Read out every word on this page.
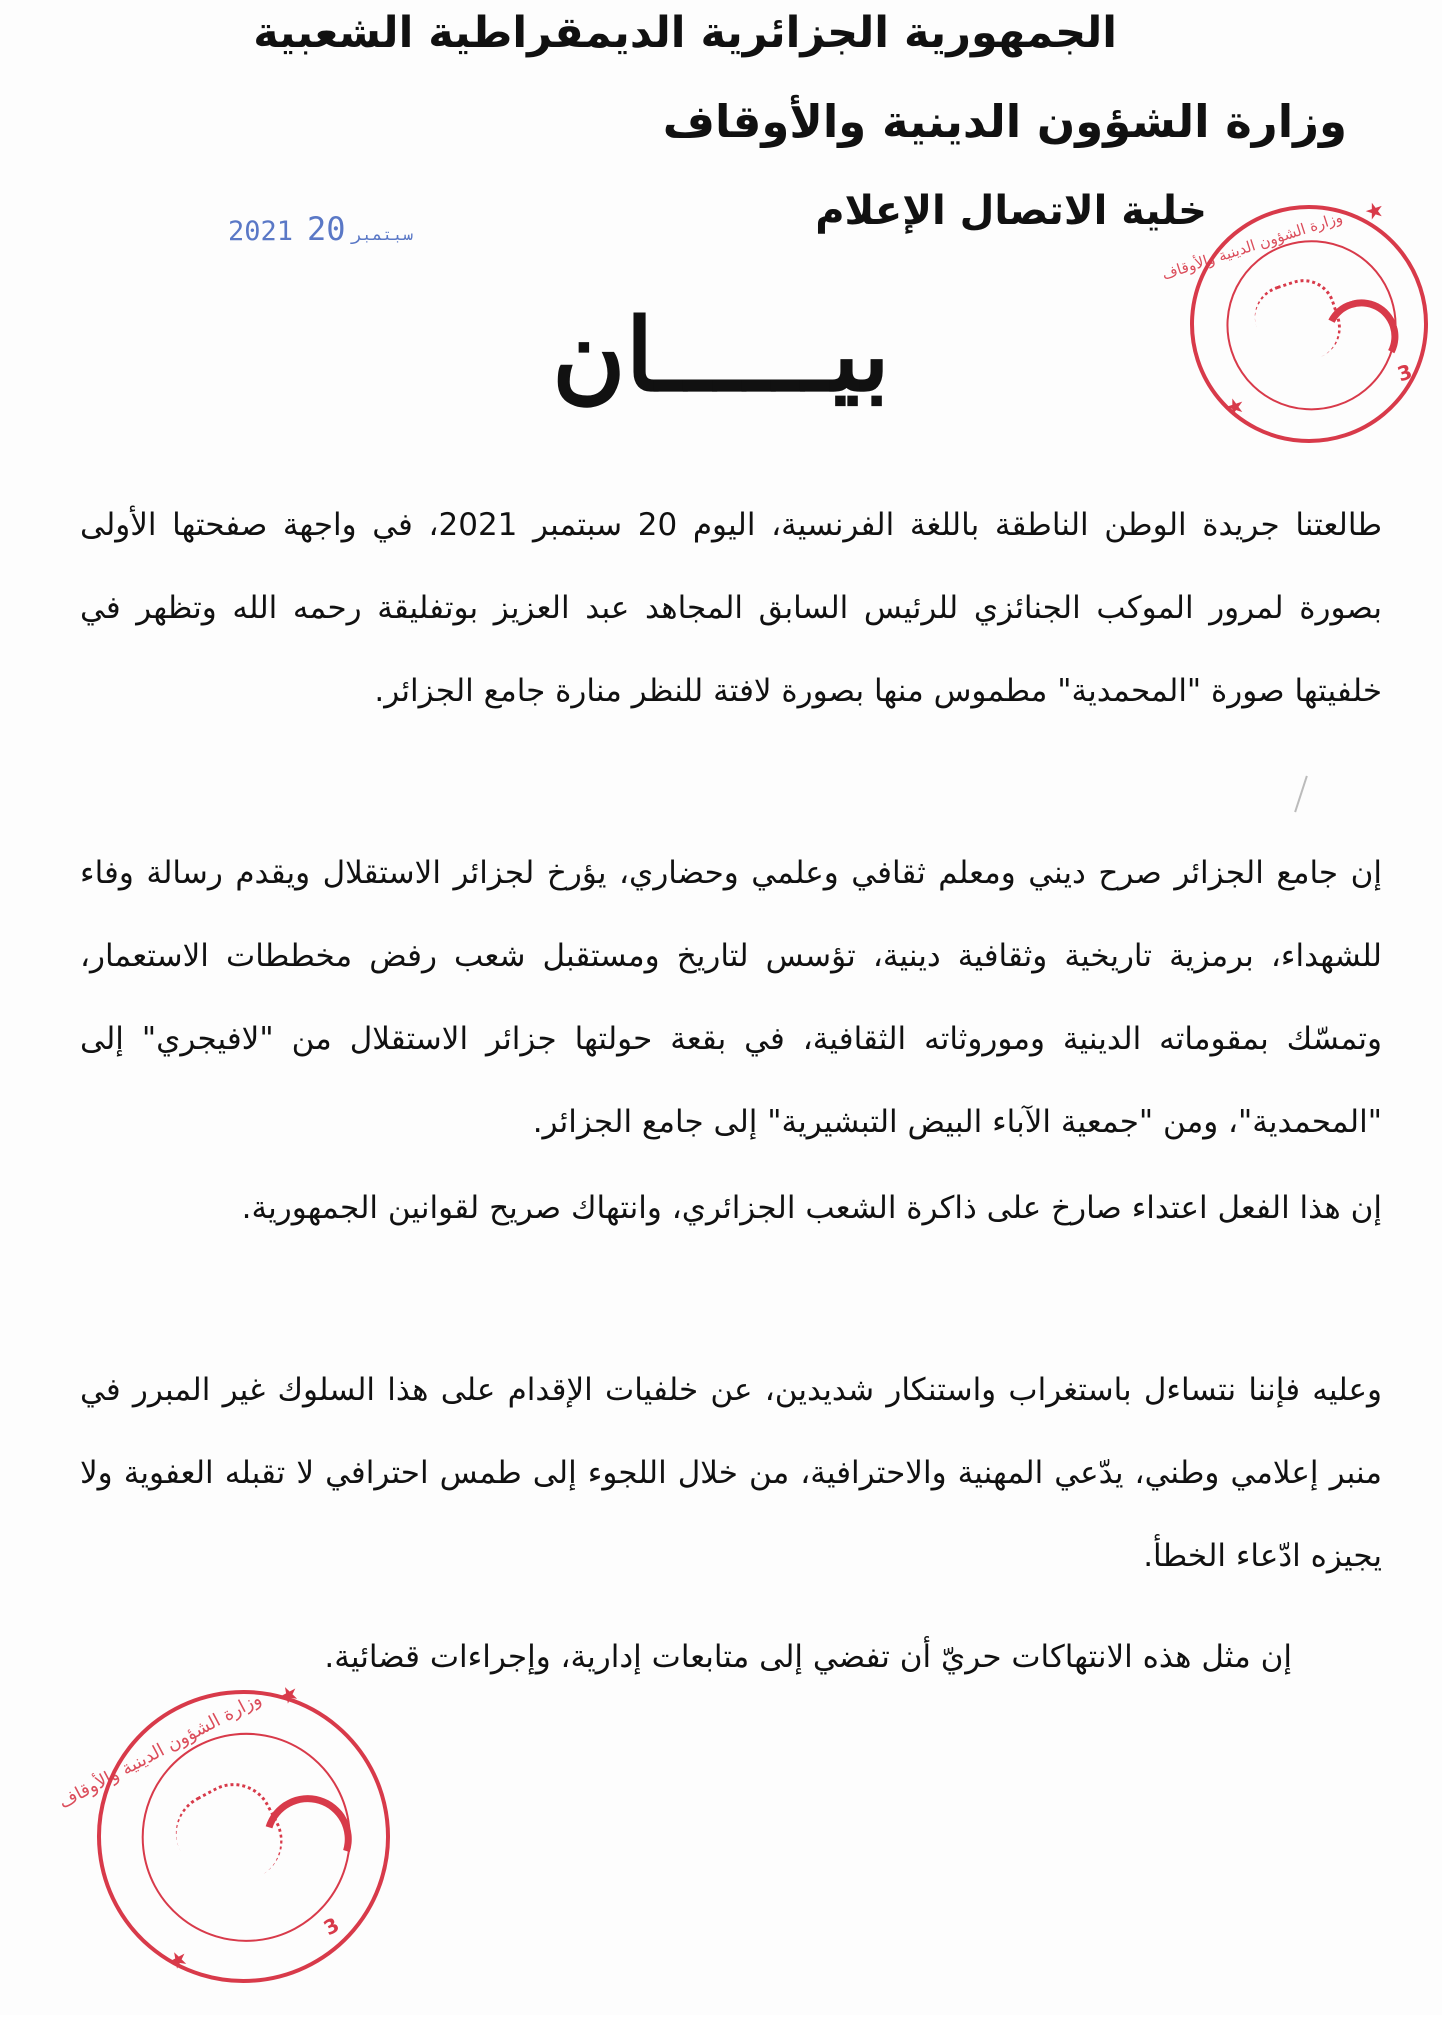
الجمهورية الجزائرية الديمقراطية الشعبية
وزارة الشؤون الدينية والأوقاف
خلية الاتصال الإعلام
2021	سبتمبر20	وزارة الشؤون الدينية والأوقاف ★
★
3
بيــــــان
طالعتنا جريدة الوطن الناطقة باللغة الفرنسية، اليوم 20 سبتمبر 2021، في واجهة صفحتها الأولى بصورة لمرور الموكب الجنائزي للرئيس السابق المجاهد عبد العزيز بوتفليقة رحمه الله وتظهر في خلفيتها صورة "المحمدية" مطموس منها بصورة لافتة للنظر منارة جامع الجزائر.
إن جامع الجزائر صرح ديني ومعلم ثقافي وعلمي وحضاري، يؤرخ لجزائر الاستقلال ويقدم رسالة وفاء للشهداء، برمزية تاريخية وثقافية دينية، تؤسس لتاريخ ومستقبل شعب رفض مخططات الاستعمار، وتمسّك بمقوماته الدينية وموروثاته الثقافية، في بقعة حولتها جزائر الاستقلال من "لافيجري" إلى "المحمدية"، ومن "جمعية الآباء البيض التبشيرية" إلى جامع الجزائر.
إن هذا الفعل اعتداء صارخ على ذاكرة الشعب الجزائري، وانتهاك صريح لقوانين الجمهورية.
وعليه فإننا نتساءل باستغراب واستنكار شديدين، عن خلفيات الإقدام على هذا السلوك غير المبرر في منبر إعلامي وطني، يدّعي المهنية والاحترافية، من خلال اللجوء إلى طمس احترافي لا تقبله العفوية ولا يجيزه ادّعاء الخطأ.
إن مثل هذه الانتهاكات حريّ أن تفضي إلى متابعات إدارية، وإجراءات قضائية.
وزارة الشؤون الدينية والأوقاف ★
★
3
